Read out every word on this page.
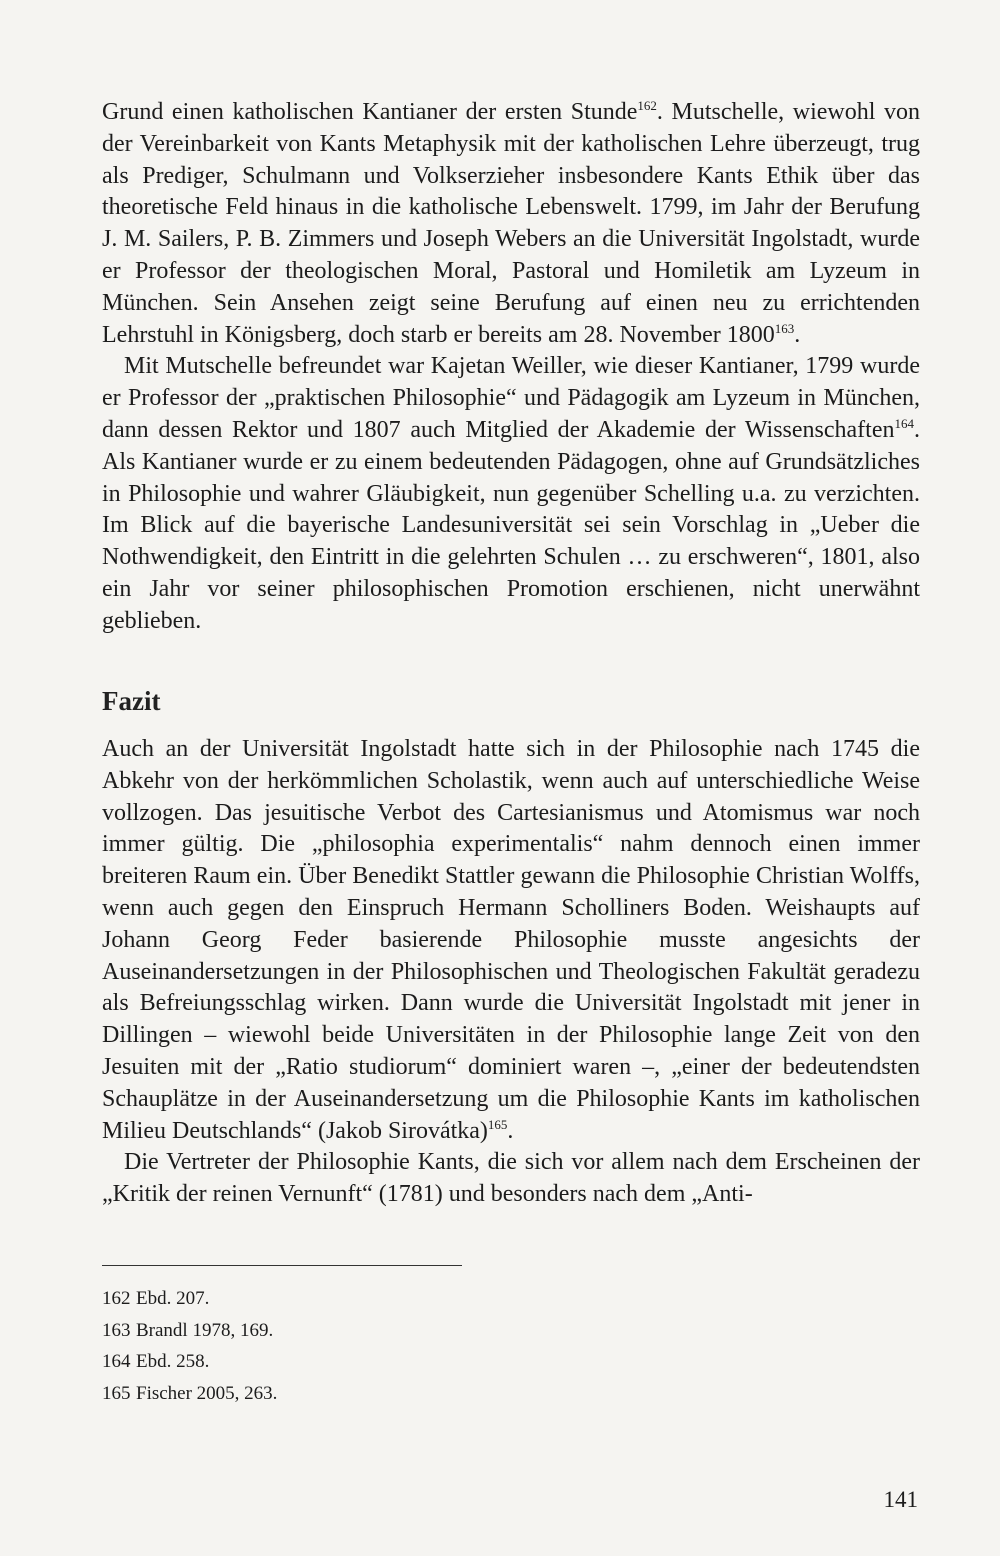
Grund einen katholischen Kantianer der ersten Stunde$^{162}$. Mutschelle, wiewohl von der Vereinbarkeit von Kants Metaphysik mit der katholischen Lehre überzeugt, trug als Prediger, Schulmann und Volkserzieher insbesondere Kants Ethik über das theoretische Feld hinaus in die katholische Lebenswelt. 1799, im Jahr der Berufung J. M. Sailers, P. B. Zimmers und Joseph Webers an die Universität Ingolstadt, wurde er Professor der theologischen Moral, Pastoral und Homiletik am Lyzeum in München. Sein Ansehen zeigt seine Berufung auf einen neu zu errichtenden Lehrstuhl in Königsberg, doch starb er bereits am 28. November 1800$^{163}$.

Mit Mutschelle befreundet war Kajetan Weiller, wie dieser Kantianer, 1799 wurde er Professor der „praktischen Philosophie“ und Pädagogik am Lyzeum in München, dann dessen Rektor und 1807 auch Mitglied der Akademie der Wissenschaften$^{164}$. Als Kantianer wurde er zu einem bedeutenden Pädagogen, ohne auf Grundsätzliches in Philosophie und wahrer Gläubigkeit, nun gegenüber Schelling u.a. zu verzichten. Im Blick auf die bayerische Landesuniversität sei sein Vorschlag in „Ueber die Nothwendigkeit, den Eintritt in die gelehrten Schulen … zu erschweren“, 1801, also ein Jahr vor seiner philosophischen Promotion erschienen, nicht unerwähnt geblieben.

Fazit

Auch an der Universität Ingolstadt hatte sich in der Philosophie nach 1745 die Abkehr von der herkömmlichen Scholastik, wenn auch auf unterschiedliche Weise vollzogen. Das jesuitische Verbot des Cartesianismus und Atomismus war noch immer gültig. Die „philosophia experimentalis“ nahm dennoch einen immer breiteren Raum ein. Über Benedikt Stattler gewann die Philosophie Christian Wolffs, wenn auch gegen den Einspruch Hermann Scholliners Boden. Weishaupts auf Johann Georg Feder basierende Philosophie musste angesichts der Auseinandersetzungen in der Philosophischen und Theologischen Fakultät geradezu als Befreiungsschlag wirken. Dann wurde die Universität Ingolstadt mit jener in Dillingen – wiewohl beide Universitäten in der Philosophie lange Zeit von den Jesuiten mit der „Ratio studiorum“ dominiert waren –, „einer der bedeutendsten Schauplätze in der Auseinandersetzung um die Philosophie Kants im katholischen Milieu Deutschlands“ (Jakob Sirovátka)$^{165}$.

Die Vertreter der Philosophie Kants, die sich vor allem nach dem Erscheinen der „Kritik der reinen Vernunft“ (1781) und besonders nach dem „Anti-

162 Ebd. 207.
163 Brandl 1978, 169.
164 Ebd. 258.
165 Fischer 2005, 263.
141
